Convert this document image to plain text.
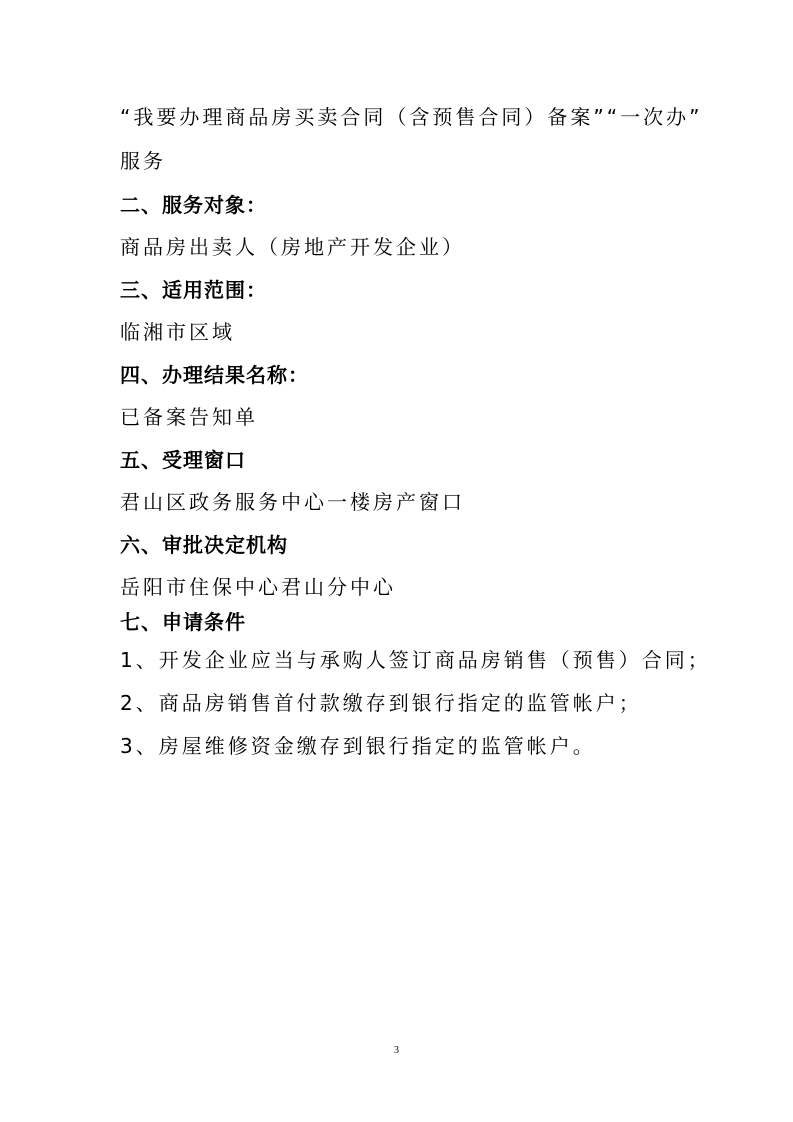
“我要办理商品房买卖合同（含预售合同）备案”“一次办”
服务
二、服务对象：
商品房出卖人（房地产开发企业）
三、适用范围：
临湘市区域
四、办理结果名称：
已备案告知单
五、受理窗口
君山区政务服务中心一楼房产窗口
六、审批决定机构
岳阳市住保中心君山分中心
七、申请条件
1、开发企业应当与承购人签订商品房销售（预售）合同；
2、商品房销售首付款缴存到银行指定的监管帐户；
3、房屋维修资金缴存到银行指定的监管帐户。
3
